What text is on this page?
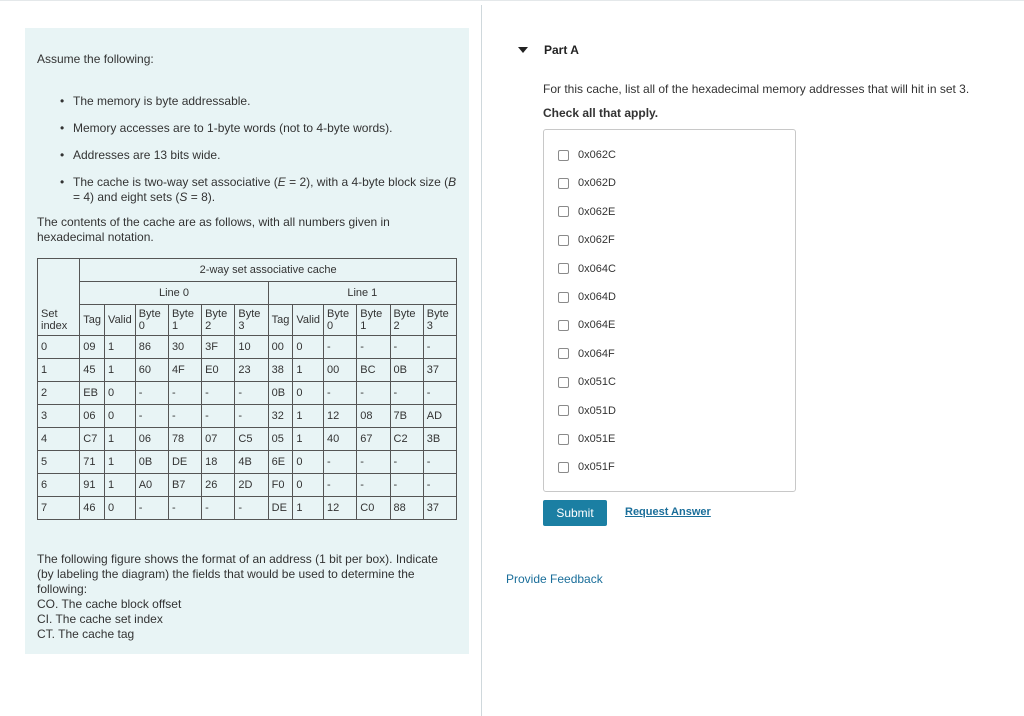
Assume the following:

• The memory is byte addressable.
• Memory accesses are to 1-byte words (not to 4-byte words).
• Addresses are 13 bits wide.
• The cache is two-way set associative (E = 2), with a 4-byte block size (B = 4) and eight sets (S = 8).

The contents of the cache are as follows, with all numbers given in hexadecimal notation.

	2-way set associative cache											
	Line 0						Line 1					
Set index	Tag	Valid	Byte 0	Byte 1	Byte 2	Byte 3	Tag	Valid	Byte 0	Byte 1	Byte 2	Byte 3
0	09	1	86	30	3F	10	00	0	-	-	-	-
1	45	1	60	4F	E0	23	38	1	00	BC	0B	37
2	EB	0	-	-	-	-	0B	0	-	-	-	-
3	06	0	-	-	-	-	32	1	12	08	7B	AD
4	C7	1	06	78	07	C5	05	1	40	67	C2	3B
5	71	1	0B	DE	18	4B	6E	0	-	-	-	-
6	91	1	A0	B7	26	2D	F0	0	-	-	-	-
7	46	0	-	-	-	-	DE	1	12	C0	88	37

The following figure shows the format of an address (1 bit per box). Indicate (by labeling the diagram) the fields that would be used to determine the following:

CO. The cache block offset

CI. The cache set index

CT. The cache tag

Part A
For this cache, list all of the hexadecimal memory addresses that will hit in set 3.
Check all that apply.
0x062C
0x062D
0x062E
0x062F
0x064C
0x064D
0x064E
0x064F
0x051C
0x051D
0x051E
0x051F
Submit	Request Answer
Provide Feedback
